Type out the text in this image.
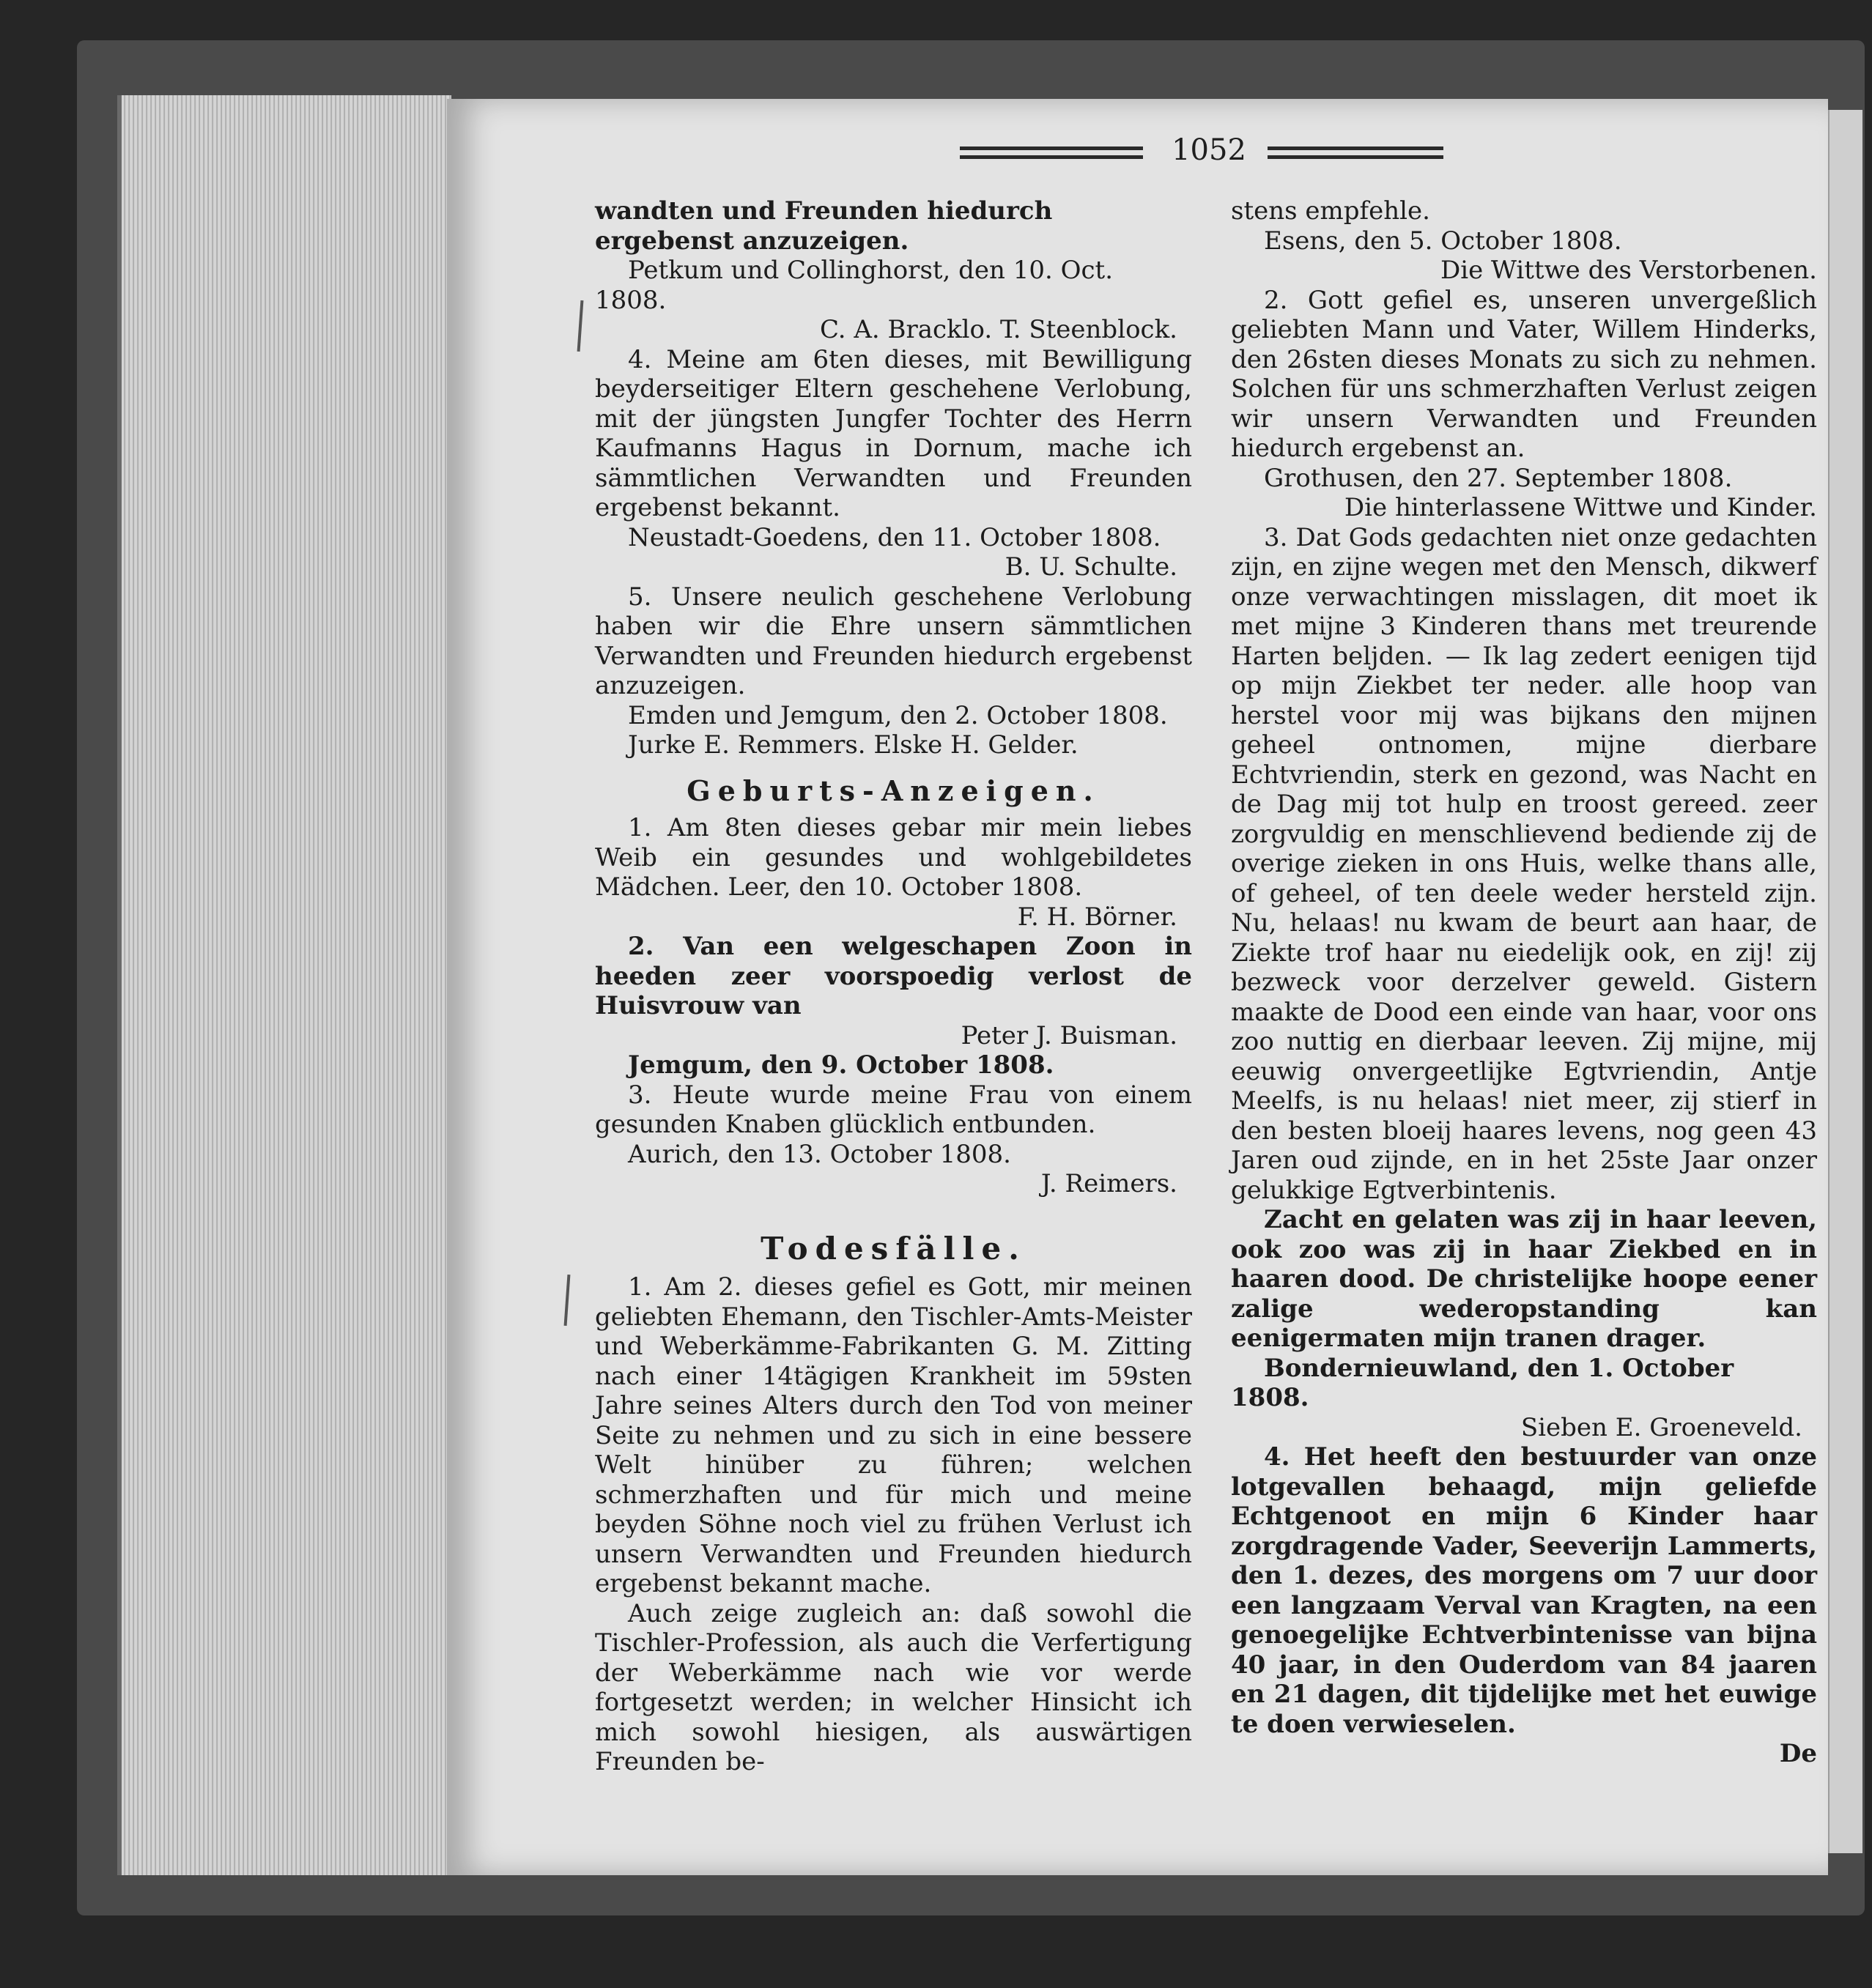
1052

wandten und Freunden hiedurch ergebenst anzuzeigen.

Petkum und Collinghorst, den 10. Oct. 1808.

C. A. Bracklo. T. Steenblock.

4. Meine am 6ten dieses, mit Bewilligung beyderseitiger Eltern geschehene Verlobung, mit der jüngsten Jungfer Tochter des Herrn Kaufmanns Hagus in Dornum, mache ich sämmtlichen Verwandten und Freunden ergebenst bekannt.

Neustadt-Goedens, den 11. October 1808.

B. U. Schulte.

5. Unsere neulich geschehene Verlobung haben wir die Ehre unsern sämmtlichen Verwandten und Freunden hiedurch ergebenst anzuzeigen.

Emden und Jemgum, den 2. October 1808.

Jurke E. Remmers. Elske H. Gelder.

Geburts-Anzeigen.

1. Am 8ten dieses gebar mir mein liebes Weib ein gesundes und wohlgebildetes Mädchen. Leer, den 10. October 1808.

F. H. Börner.

2. Van een welgeschapen Zoon in heeden zeer voorspoedig verlost de Huisvrouw van

Peter J. Buisman.

Jemgum, den 9. October 1808.

3. Heute wurde meine Frau von einem gesunden Knaben glücklich entbunden.

Aurich, den 13. October 1808.

J. Reimers.

Todesfälle.

1. Am 2. dieses gefiel es Gott, mir meinen geliebten Ehemann, den Tischler-Amts-Meister und Weberkämme-Fabrikanten G. M. Zitting nach einer 14tägigen Krankheit im 59sten Jahre seines Alters durch den Tod von meiner Seite zu nehmen und zu sich in eine bessere Welt hinüber zu führen; welchen schmerzhaften und für mich und meine beyden Söhne noch viel zu frühen Verlust ich unsern Verwandten und Freunden hiedurch ergebenst bekannt mache.

Auch zeige zugleich an: daß sowohl die Tischler-Profession, als auch die Verfertigung der Weberkämme nach wie vor werde fortgesetzt werden; in welcher Hinsicht ich mich sowohl hiesigen, als auswärtigen Freunden be-

stens empfehle.

Esens, den 5. October 1808.

Die Wittwe des Verstorbenen.

2. Gott gefiel es, unseren unvergeßlich geliebten Mann und Vater, Willem Hinderks, den 26sten dieses Monats zu sich zu nehmen. Solchen für uns schmerzhaften Verlust zeigen wir unsern Verwandten und Freunden hiedurch ergebenst an.

Grothusen, den 27. September 1808.

Die hinterlassene Wittwe und Kinder.

3. Dat Gods gedachten niet onze gedachten zijn, en zijne wegen met den Mensch, dikwerf onze verwachtingen misslagen, dit moet ik met mijne 3 Kinderen thans met treurende Harten beljden. — Ik lag zedert eenigen tijd op mijn Ziekbet ter neder. alle hoop van herstel voor mij was bijkans den mijnen geheel ontnomen, mijne dierbare Echtvriendin, sterk en gezond, was Nacht en de Dag mij tot hulp en troost gereed. zeer zorgvuldig en menschlievend bediende zij de overige zieken in ons Huis, welke thans alle, of geheel, of ten deele weder hersteld zijn. Nu, helaas! nu kwam de beurt aan haar, de Ziekte trof haar nu eiedelijk ook, en zij! zij bezweck voor derzelver geweld. Gistern maakte de Dood een einde van haar, voor ons zoo nuttig en dierbaar leeven. Zij mijne, mij eeuwig onvergeetlijke Egtvriendin, Antje Meelfs, is nu helaas! niet meer, zij stierf in den besten bloeij haares levens, nog geen 43 Jaren oud zijnde, en in het 25ste Jaar onzer gelukkige Egtverbintenis.

Zacht en gelaten was zij in haar leeven, ook zoo was zij in haar Ziekbed en in haaren dood. De christelijke hoope eener zalige wederopstanding kan eenigermaten mijn tranen drager.

Bondernieuwland, den 1. October 1808.

Sieben E. Groeneveld.

4. Het heeft den bestuurder van onze lotgevallen behaagd, mijn geliefde Echtgenoot en mijn 6 Kinder haar zorgdragende Vader, Seeverijn Lammerts, den 1. dezes, des morgens om 7 uur door een langzaam Verval van Kragten, na een genoegelijke Echtverbintenisse van bijna 40 jaar, in den Ouderdom van 84 jaaren en 21 dagen, dit tijdelijke met het euwige te doen verwieselen.

De
